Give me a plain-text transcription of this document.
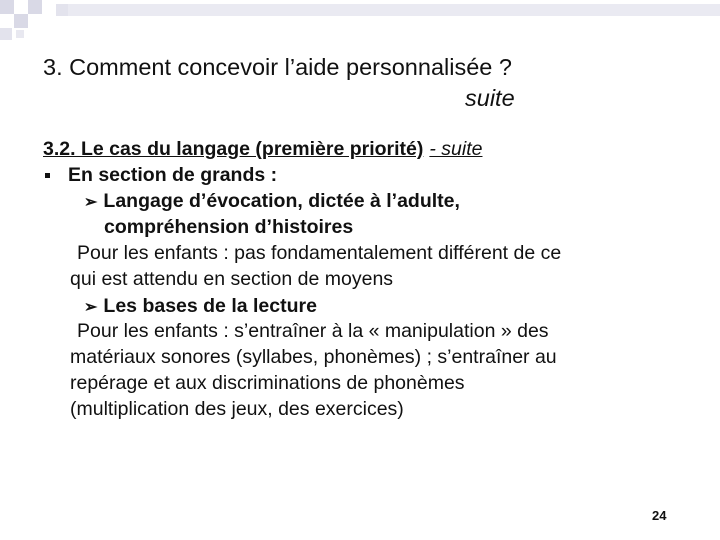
3. Comment concevoir l’aide personnalisée ?
suite
3.2. Le cas du langage (première priorité) - suite
En section de grands :
➢ Langage d’évocation, dictée à l’adulte,
compréhension d’histoires
Pour les enfants : pas fondamentalement différent de ce
qui est attendu en section de moyens
➢ Les bases de la lecture
Pour les enfants : s’entraîner à la « manipulation » des
matériaux sonores (syllabes, phonèmes) ; s’entraîner au
repérage et aux discriminations de phonèmes
(multiplication des jeux, des exercices)
24
